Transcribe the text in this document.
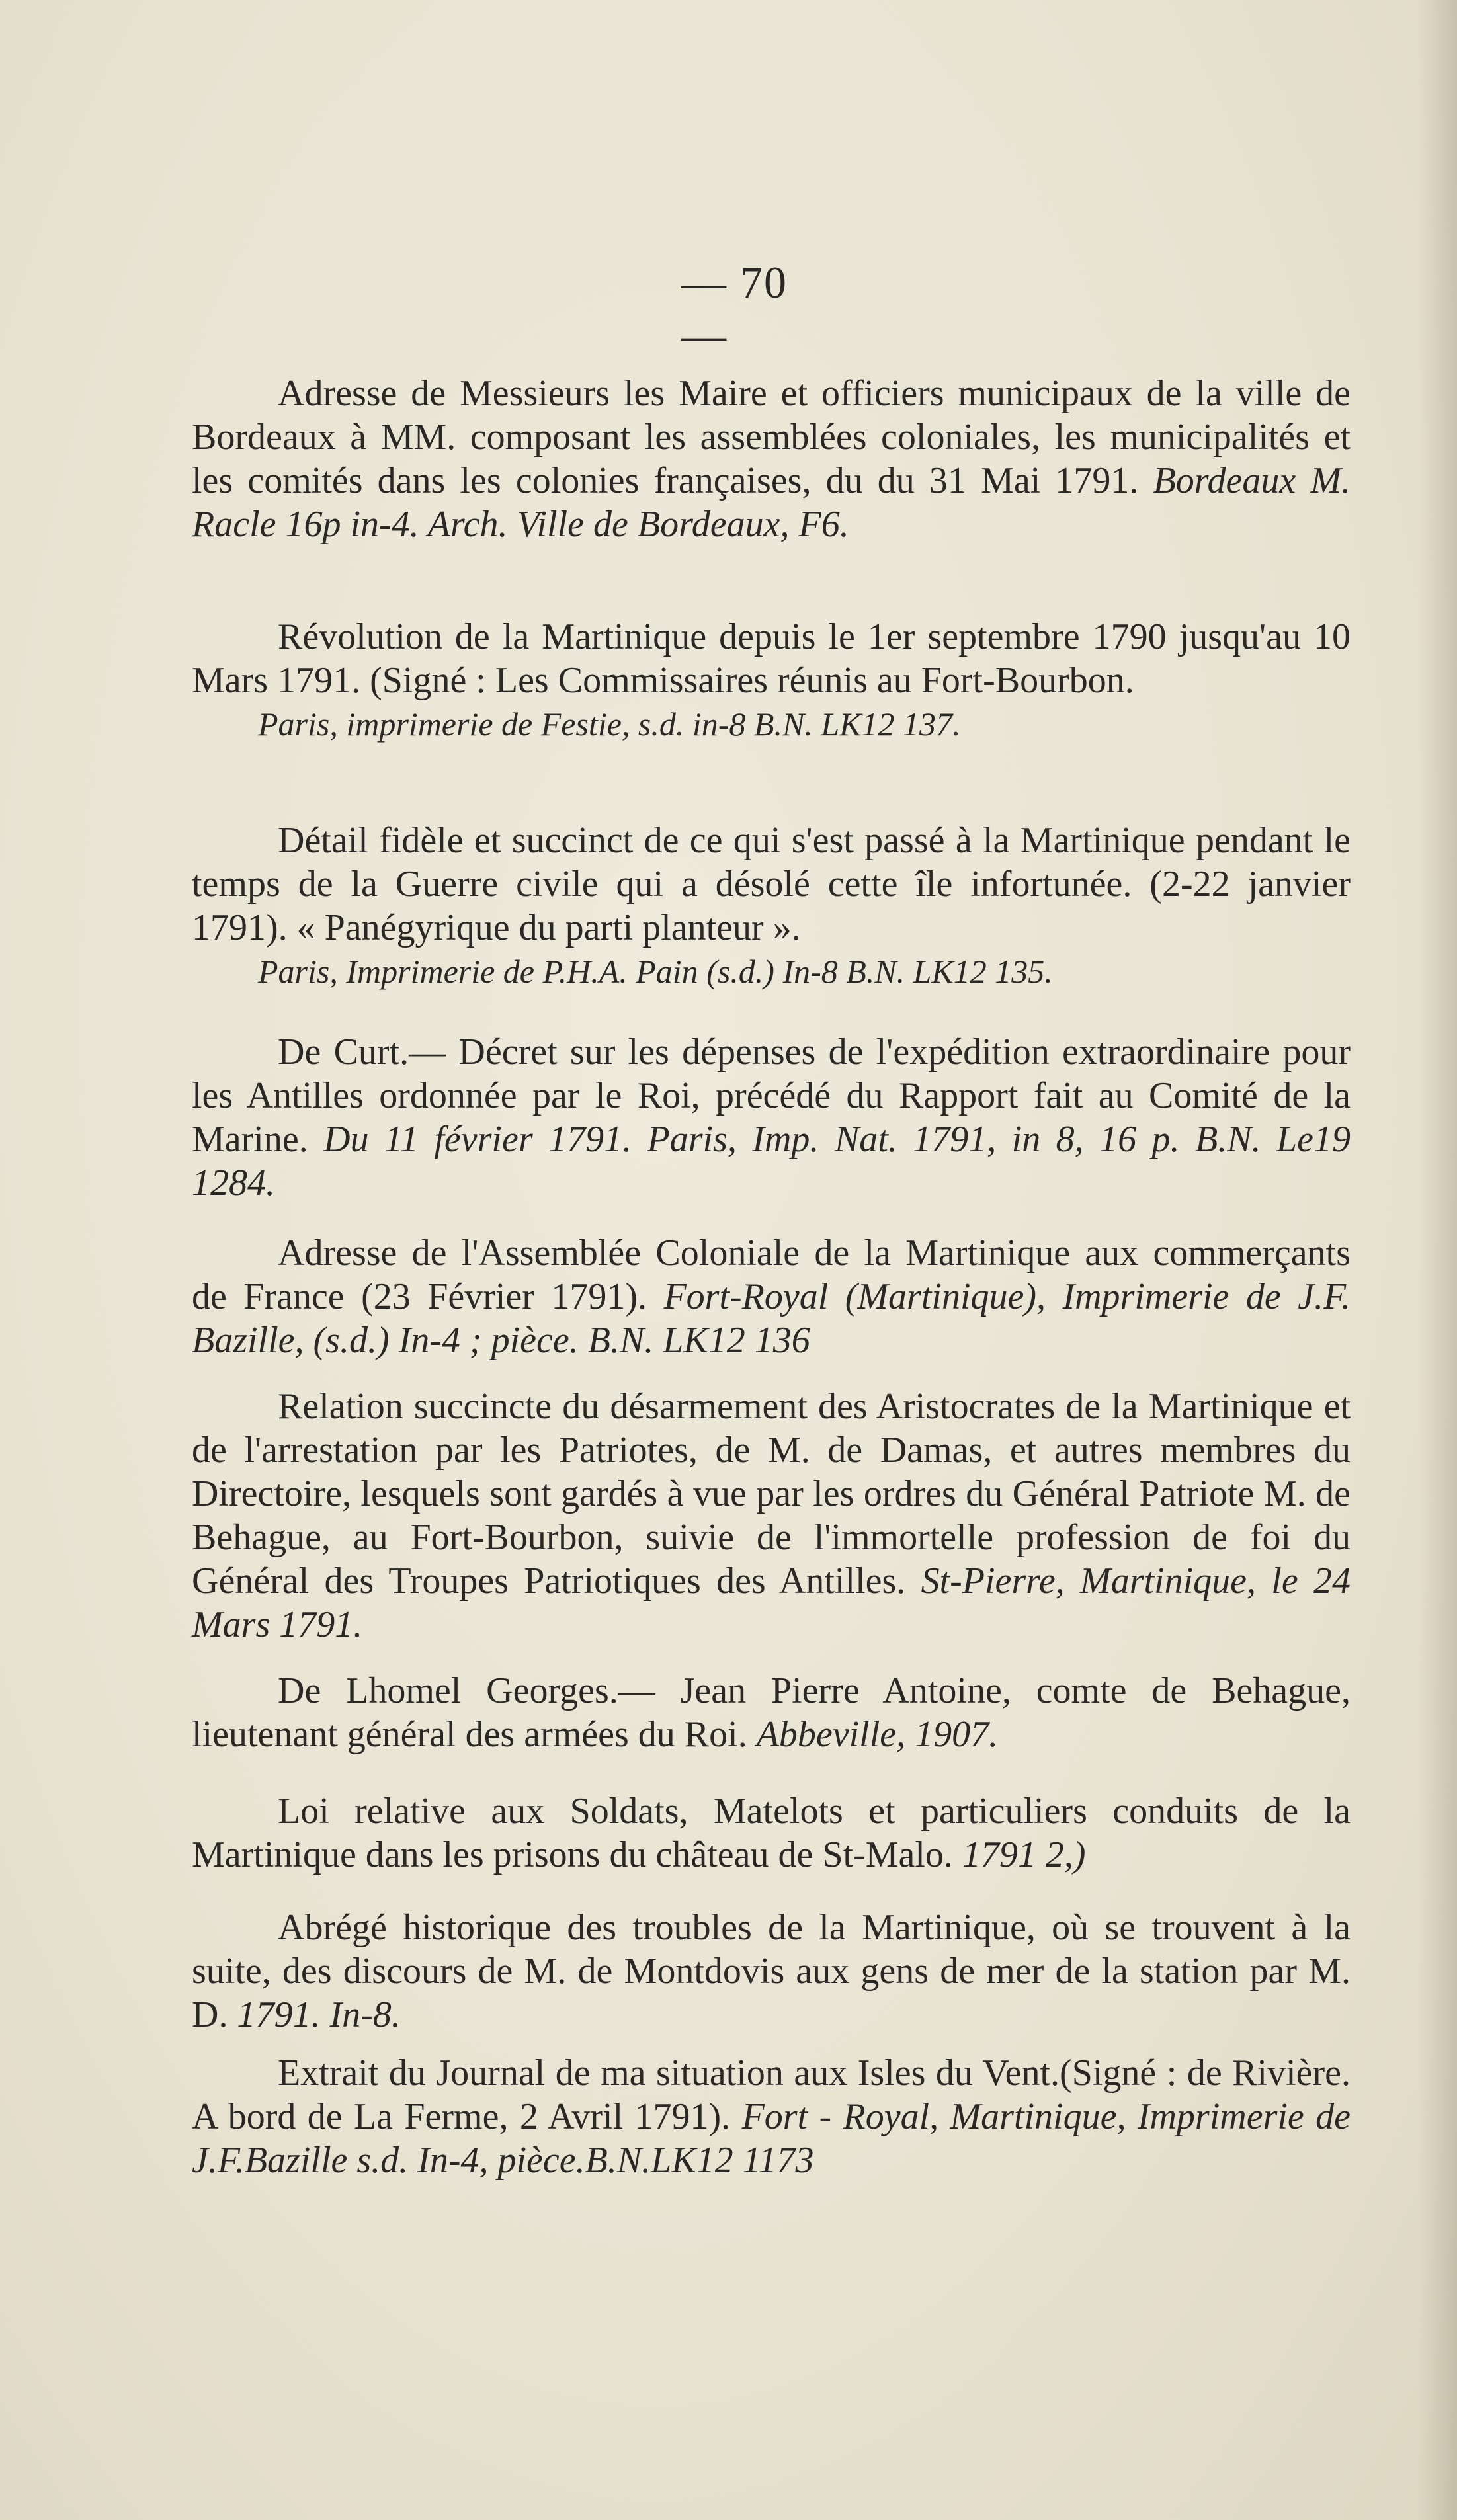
— 70 —

Adresse de Messieurs les Maire et officiers municipaux de la ville de Bordeaux à MM. composant les assemblées coloniales, les municipalités et les comités dans les colonies françaises, du du 31 Mai 1791. Bordeaux M. Racle 16p in-4. Arch. Ville de Bordeaux, F6.

Révolution de la Martinique depuis le 1er septembre 1790 jusqu'au 10 Mars 1791. (Signé : Les Commissaires réunis au Fort-Bourbon.

Paris, imprimerie de Festie, s.d. in-8 B.N. LK12 137.

Détail fidèle et succinct de ce qui s'est passé à la Martinique pendant le temps de la Guerre civile qui a désolé cette île infortunée. (2-22 janvier 1791). « Panégyrique du parti planteur ».

Paris, Imprimerie de P.H.A. Pain (s.d.) In-8 B.N. LK12 135.

De Curt.— Décret sur les dépenses de l'expédition extraordinaire pour les Antilles ordonnée par le Roi, précédé du Rapport fait au Comité de la Marine. Du 11 février 1791. Paris, Imp. Nat. 1791, in 8, 16 p. B.N. Le19 1284.

Adresse de l'Assemblée Coloniale de la Martinique aux commerçants de France (23 Février 1791). Fort-Royal (Martinique), Imprimerie de J.F. Bazille, (s.d.) In-4 ; pièce. B.N. LK12 136

Relation succincte du désarmement des Aristocrates de la Martinique et de l'arrestation par les Patriotes, de M. de Damas, et autres membres du Directoire, lesquels sont gardés à vue par les ordres du Général Patriote M. de Behague, au Fort-Bourbon, suivie de l'immortelle profession de foi du Général des Troupes Patriotiques des Antilles. St-Pierre, Martinique, le 24 Mars 1791.

De Lhomel Georges.— Jean Pierre Antoine, comte de Behague, lieutenant général des armées du Roi. Abbeville, 1907.

Loi relative aux Soldats, Matelots et particuliers conduits de la Martinique dans les prisons du château de St-Malo. 1791 2,)

Abrégé historique des troubles de la Martinique, où se trouvent à la suite, des discours de M. de Montdovis aux gens de mer de la station par M. D. 1791. In-8.

Extrait du Journal de ma situation aux Isles du Vent.(Signé : de Rivière. A bord de La Ferme, 2 Avril 1791). Fort - Royal, Martinique, Imprimerie de J.F.Bazille s.d. In-4, pièce.B.N.LK12 1173
